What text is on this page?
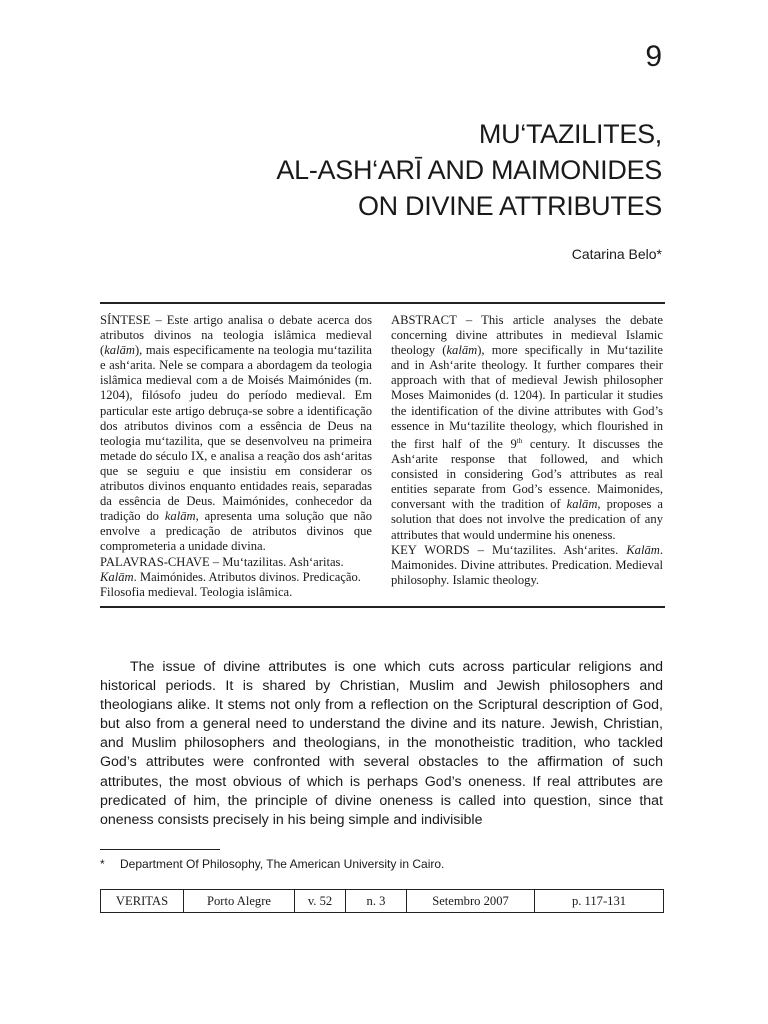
9
MU‘TAZILITES,
AL-ASH‘ARĪ AND MAIMONIDES
ON DIVINE ATTRIBUTES
Catarina Belo*

SÍNTESE – Este artigo analisa o debate acerca dos atributos divinos na teologia islâmica medieval (kalām), mais especificamente na teologia mu‘tazilita e ash‘arita. Nele se compara a abordagem da teologia islâmica medieval com a de Moisés Maimónides (m. 1204), filósofo judeu do período medieval. Em particular este artigo debruça-se sobre a identificação dos atributos divinos com a essência de Deus na teologia mu‘tazilita, que se desenvolveu na primeira metade do século IX, e analisa a reação dos ash‘aritas que se seguiu e que insistiu em considerar os atributos divinos enquanto entidades reais, separadas da essência de Deus. Maimónides, conhecedor da tradição do kalām, apresenta uma solução que não envolve a predicação de atributos divinos que comprometeria a unidade divina.

PALAVRAS-CHAVE – Mu‘tazilitas. Ash‘aritas. Kalām. Maimónides. Atributos divinos. Predicação. Filosofia medieval. Teologia islâmica.

ABSTRACT – This article analyses the debate concerning divine attributes in medieval Islamic theology (kalām), more specifically in Mu‘tazilite and in Ash‘arite theology. It further compares their approach with that of medieval Jewish philosopher Moses Maimonides (d. 1204). In particular it studies the identification of the divine attributes with God’s essence in Mu‘tazilite theology, which flourished in the first half of the 9th century. It discusses the Ash‘arite response that followed, and which consisted in considering God’s attributes as real entities separate from God’s essence. Maimonides, conversant with the tradition of kalām, proposes a solution that does not involve the predication of any attributes that would undermine his oneness.

KEY WORDS – Mu‘tazilites. Ash‘arites. Kalām. Maimonides. Divine attributes. Predication. Medieval philosophy. Islamic theology.

The issue of divine attributes is one which cuts across particular religions and historical periods. It is shared by Christian, Muslim and Jewish philosophers and theologians alike. It stems not only from a reflection on the Scriptural description of God, but also from a general need to understand the divine and its nature. Jewish, Christian, and Muslim philosophers and theologians, in the monotheistic tradition, who tackled God’s attributes were confronted with several obstacles to the affirmation of such attributes, the most obvious of which is perhaps God’s oneness. If real attributes are predicated of him, the principle of divine oneness is called into question, since that oneness consists precisely in his being simple and indivisible

* Department Of Philosophy, The American University in Cairo.
VERITAS	Porto Alegre	v. 52	n. 3	Setembro 2007	p. 117-131
